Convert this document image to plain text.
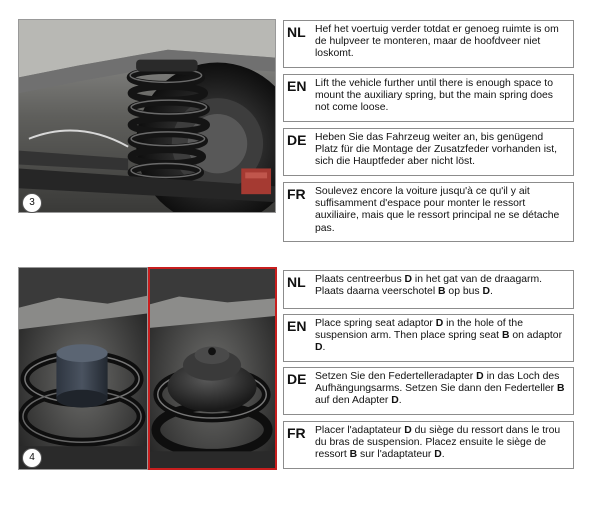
3
NL Hef het voertuig verder totdat er genoeg ruimte is om de hulpveer te monteren, maar de hoofdveer niet loskomt.
EN Lift the vehicle further until there is enough space to mount the auxiliary spring, but the main spring does not come loose.
DE Heben Sie das Fahrzeug weiter an, bis genügend Platz für die Montage der Zusatzfeder vorhanden ist, sich die Hauptfeder aber nicht löst.
FR Soulevez encore la voiture jusqu'à ce qu'il y ait suffisamment d'espace pour monter le ressort auxiliaire, mais que le ressort principal ne se détache pas.
4
NL Plaats centreerbus D in het gat van de draagarm. Plaats daarna veerschotel B op bus D.
EN Place spring seat adaptor D in the hole of the suspension arm. Then place spring seat B on adaptor D.
DE Setzen Sie den Federtelleradapter D in das Loch des Aufhängungsarms. Setzen Sie dann den Federteller B auf den Adapter D.
FR Placer l'adaptateur D du siège du ressort dans le trou du bras de suspension. Placez ensuite le siège de ressort B sur l'adaptateur D.
